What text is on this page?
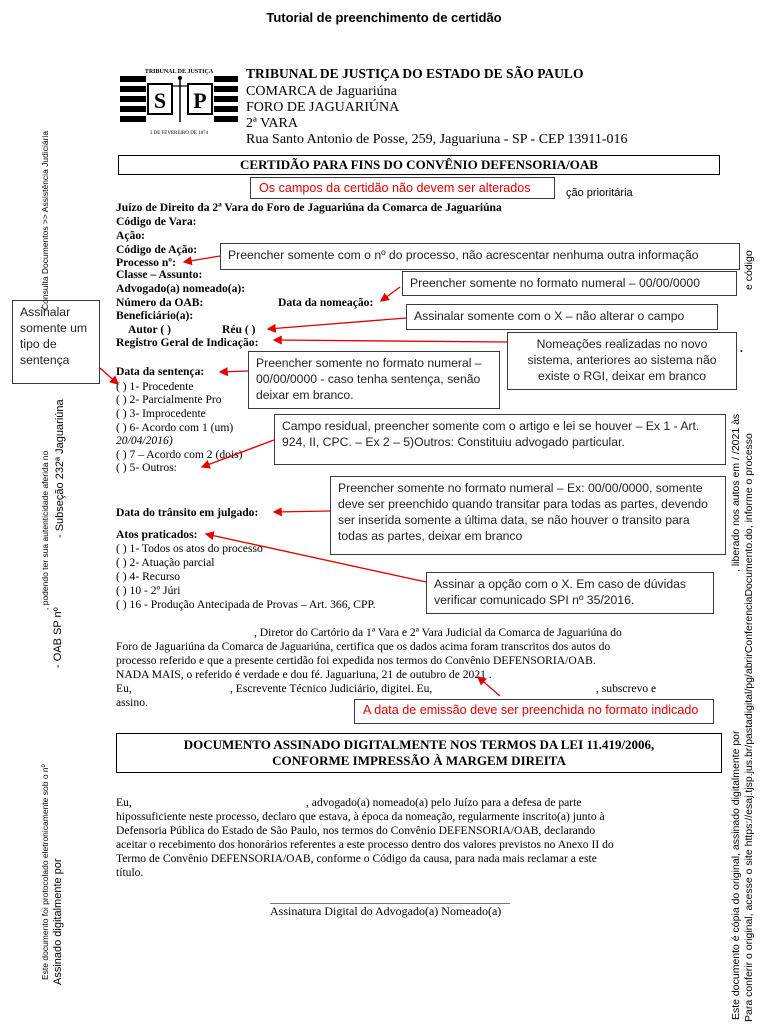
Tutorial de preenchimento de certidão
TRIBUNAL DE JUSTIÇA
S P
3 DE FEVEREIRO DE 1874
TRIBUNAL DE JUSTIÇA DO ESTADO DE SÃO PAULO
COMARCA de Jaguariúna
FORO DE JAGUARIÚNA
2ª VARA
Rua Santo Antonio de Posse, 259, Jaguariuna - SP - CEP 13911-016
CERTIDÃO PARA FINS DO CONVÊNIO DEFENSORIA/OAB
ção prioritária
Juízo de Direito da 2ª Vara do Foro de Jaguariúna da Comarca de Jaguariúna
Código de Vara:
Ação:
Código de Ação:
Processo nº:
Classe – Assunto:
Advogado(a) nomeado(a):
Número da OAB:	Data da nomeação:
Beneficiário(a):
Autor ( )	Réu ( )
Registro Geral de Indicação:	.
Data da sentença:
( ) 1- Procedente
( ) 2- Parcialmente Pro
( ) 3- Improcedente
( ) 6- Acordo com 1 (um)
20/04/2016)
( ) 7 – Acordo com 2 (dois)
( ) 5- Outros:
Data do trânsito em julgado:
Atos praticados:
( ) 1- Todos os atos do processo
( ) 2- Atuação parcial
( ) 4- Recurso
( ) 10 - 2º Júri
( ) 16 - Produção Antecipada de Provas – Art. 366, CPP.
, Diretor do Cartório da 1ª Vara e 2ª Vara Judicial da Comarca de Jaguariúna do
Foro de Jaguariúna da Comarca de Jaguariúna, certifica que os dados acima foram transcritos dos autos do
processo referido e que a presente certidão foi expedida nos termos do Convênio DEFENSORIA/OAB.
NADA MAIS, o referido é verdade e dou fé. Jaguariuna, 21 de outubro de 2021 .
Eu,	, Escrevente Técnico Judiciário, digitei. Eu,	, subscrevo e
assino.
DOCUMENTO ASSINADO DIGITALMENTE NOS TERMOS DA LEI 11.419/2006,
CONFORME IMPRESSÃO À MARGEM DIREITA
Eu,	, advogado(a) nomeado(a) pelo Juízo para a defesa de parte
hipossuficiente neste processo, declaro que estava, à época da nomeação, regularmente inscrito(a) junto à
Defensoria Pública do Estado de São Paulo, nos termos do Convênio DEFENSORIA/OAB, declarando
aceitar o recebimento dos honorários referentes a este processo dentro dos valores previstos no Anexo II do
Termo de Convênio DEFENSORIA/OAB, conforme o Código da causa, para nada mais reclamar a este
título.
Assinatura Digital do Advogado(a) Nomeado(a)
Os campos da certidão não devem ser alterados
Preencher somente com o nº do processo, não acrescentar nenhuma outra informação
Preencher somente no formato numeral – 00/00/0000
Assinalar somente com o X – não alterar o campo
Nomeações realizadas no novo sistema, anteriores ao sistema não existe o RGI, deixar em branco
Assinalar somente um tipo de sentença	Preencher somente no formato numeral – 00/00/0000 - caso tenha sentença, senão deixar em branco.
Campo residual, preencher somente com o artigo e lei se houver – Ex 1 - Art. 924, II, CPC. – Ex 2 – 5)Outros: Constituiu advogado particular.
Preencher somente no formato numeral – Ex: 00/00/0000, somente deve ser preenchido quando transitar para todas as partes, devendo ser inserida somente a última data, se não houver o transito para todas as partes, deixar em branco
Assinar a opção com o X. Em caso de dúvidas verificar comunicado SPI nº 35/2016.
A data de emissão deve ser preenchida no formato indicado
Este documento foi protocolado eletronicamente sob o nº Assinado digitalmente por
, podendo ter sua autenticidade aferida no - Subseção 232ª Jaguariúna
Consulta Documentos >> Assistência Judiciária
- OAB SP nº
Este documento é cópia do original, assinado digitalmente por
, liberado nos autos em / /2021 às Para conferir o original, acesse o site https://esaj.tjsp.jus.br/pastadigital/pg/abrirConferenciaDocumento.do, informe o processo
e código
